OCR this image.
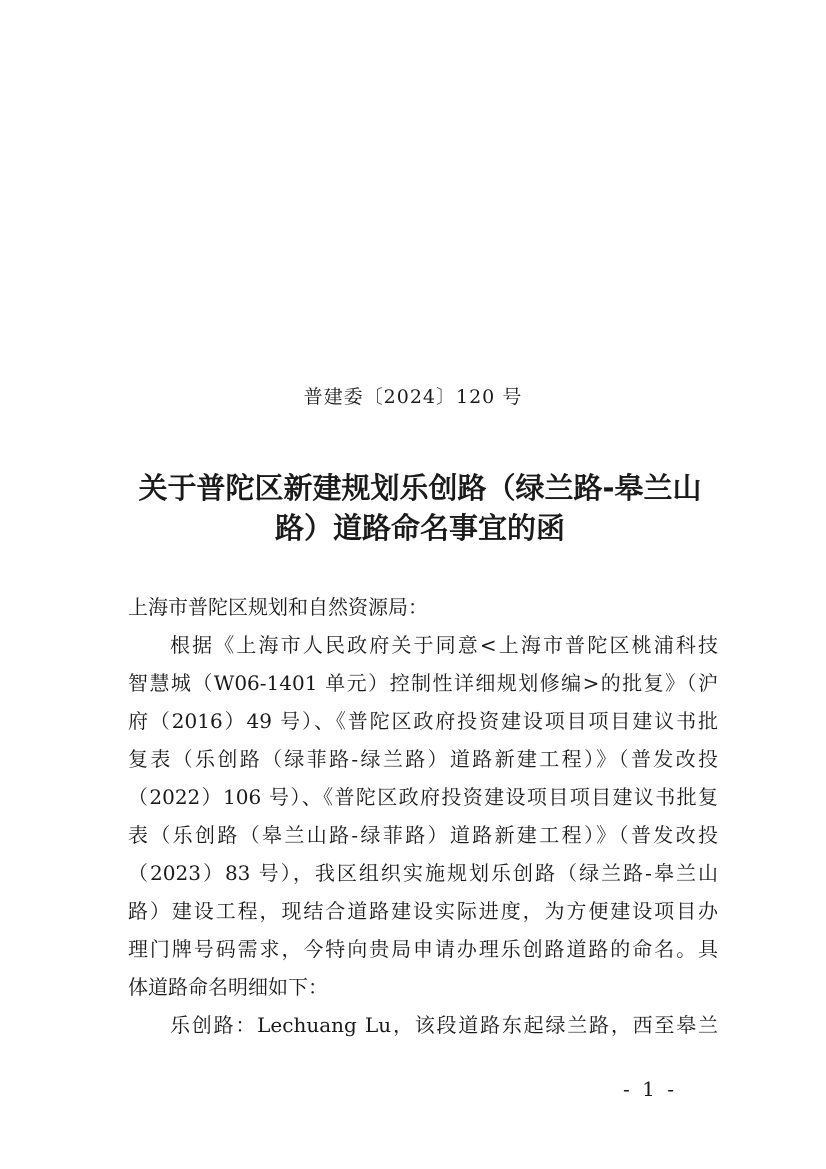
普建委〔2024〕120 号
关于普陀区新建规划乐创路（绿兰路-皋兰山
路）道路命名事宜的函
上海市普陀区规划和自然资源局：
根据《上海市人民政府关于同意<上海市普陀区桃浦科技
智慧城（W06-1401 单元）控制性详细规划修编>的批复》（沪
府（2016）49 号）、《普陀区政府投资建设项目项目建议书批
复表（乐创路（绿菲路-绿兰路）道路新建工程）》（普发改投
（2022）106 号）、《普陀区政府投资建设项目项目建议书批复
表（乐创路（皋兰山路-绿菲路）道路新建工程）》（普发改投
（2023）83 号），我区组织实施规划乐创路（绿兰路-皋兰山
路）建设工程，现结合道路建设实际进度，为方便建设项目办
理门牌号码需求，今特向贵局申请办理乐创路道路的命名。具
体道路命名明细如下：
乐创路：Lechuang Lu，该段道路东起绿兰路，西至皋兰
- 1 -
